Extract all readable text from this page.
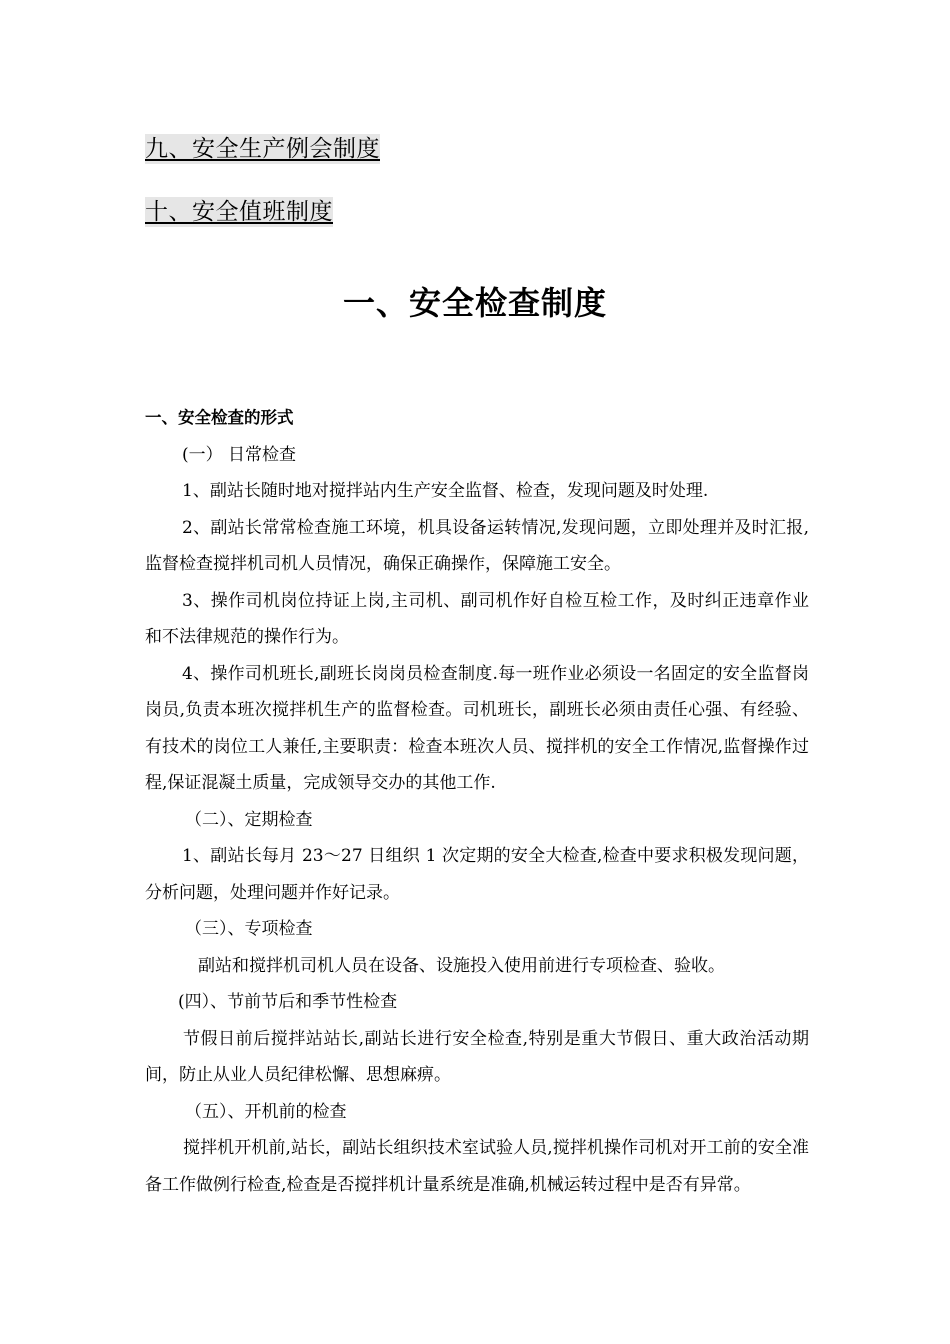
九、安全生产例会制度
十、安全值班制度
一、安全检查制度

一、安全检查的形式

(一） 日常检查

1、副站长随时地对搅拌站内生产安全监督、检查，发现问题及时处理.

2、副站长常常检查施工环境，机具设备运转情况,发现问题，立即处理并及时汇报,监督检查搅拌机司机人员情况，确保正确操作，保障施工安全。

3、操作司机岗位持证上岗,主司机、副司机作好自检互检工作，及时纠正违章作业和不法律规范的操作行为。

4、操作司机班长,副班长岗岗员检查制度.每一班作业必须设一名固定的安全监督岗岗员,负责本班次搅拌机生产的监督检查。司机班长，副班长必须由责任心强、有经验、有技术的岗位工人兼任,主要职责：检查本班次人员、搅拌机的安全工作情况,监督操作过程,保证混凝土质量，完成领导交办的其他工作.

（二）、定期检查

1、副站长每月 23～27 日组织 1 次定期的安全大检查,检查中要求积极发现问题，分析问题，处理问题并作好记录。

（三）、专项检查

副站和搅拌机司机人员在设备、设施投入使用前进行专项检查、验收。

(四）、节前节后和季节性检查

节假日前后搅拌站站长,副站长进行安全检查,特别是重大节假日、重大政治活动期间，防止从业人员纪律松懈、思想麻痹。

（五）、开机前的检查

搅拌机开机前,站长，副站长组织技术室试验人员,搅拌机操作司机对开工前的安全准备工作做例行检查,检查是否搅拌机计量系统是准确,机械运转过程中是否有异常。
